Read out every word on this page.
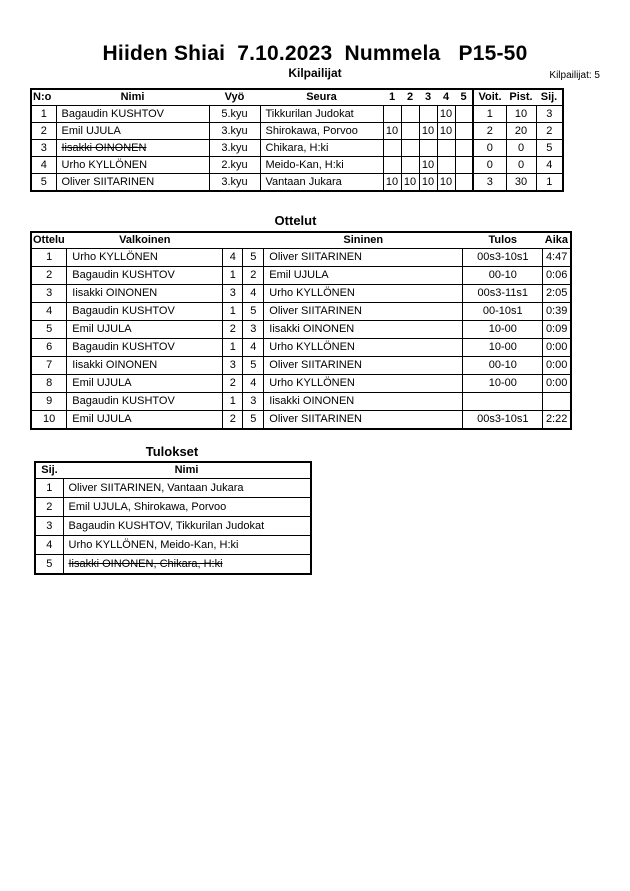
Hiiden Shiai  7.10.2023  Nummela   P15-50
Kilpailijat	Kilpailijat: 5
N:o	Nimi	Vyö	Seura	1	2	3	4	5	Voit.	Pist.	Sij.
1	Bagaudin KUSHTOV	5.kyu	Tikkurilan Judokat				10		1	10	3
2	Emil UJULA	3.kyu	Shirokawa, Porvoo	10		10	10		2	20	2
3	Iisakki OINONEN	3.kyu	Chikara, H:ki						0	0	5
4	Urho KYLLÖNEN	2.kyu	Meido-Kan, H:ki			10			0	0	4
5	Oliver SIITARINEN	3.kyu	Vantaan Jukara	10	10	10	10		3	30	1
Ottelut
Ottelu	Valkoinen			Sininen	Tulos	Aika
1	Urho KYLLÖNEN	4	5	Oliver SIITARINEN	00s3-10s1	4:47
2	Bagaudin KUSHTOV	1	2	Emil UJULA	00-10	0:06
3	Iisakki OINONEN	3	4	Urho KYLLÖNEN	00s3-11s1	2:05
4	Bagaudin KUSHTOV	1	5	Oliver SIITARINEN	00-10s1	0:39
5	Emil UJULA	2	3	Iisakki OINONEN	10-00	0:09
6	Bagaudin KUSHTOV	1	4	Urho KYLLÖNEN	10-00	0:00
7	Iisakki OINONEN	3	5	Oliver SIITARINEN	00-10	0:00
8	Emil UJULA	2	4	Urho KYLLÖNEN	10-00	0:00
9	Bagaudin KUSHTOV	1	3	Iisakki OINONEN		
10	Emil UJULA	2	5	Oliver SIITARINEN	00s3-10s1	2:22
Tulokset
Sij.	Nimi
1	Oliver SIITARINEN, Vantaan Jukara
2	Emil UJULA, Shirokawa, Porvoo
3	Bagaudin KUSHTOV, Tikkurilan Judokat
4	Urho KYLLÖNEN, Meido-Kan, H:ki
5	Iisakki OINONEN, Chikara, H:ki
